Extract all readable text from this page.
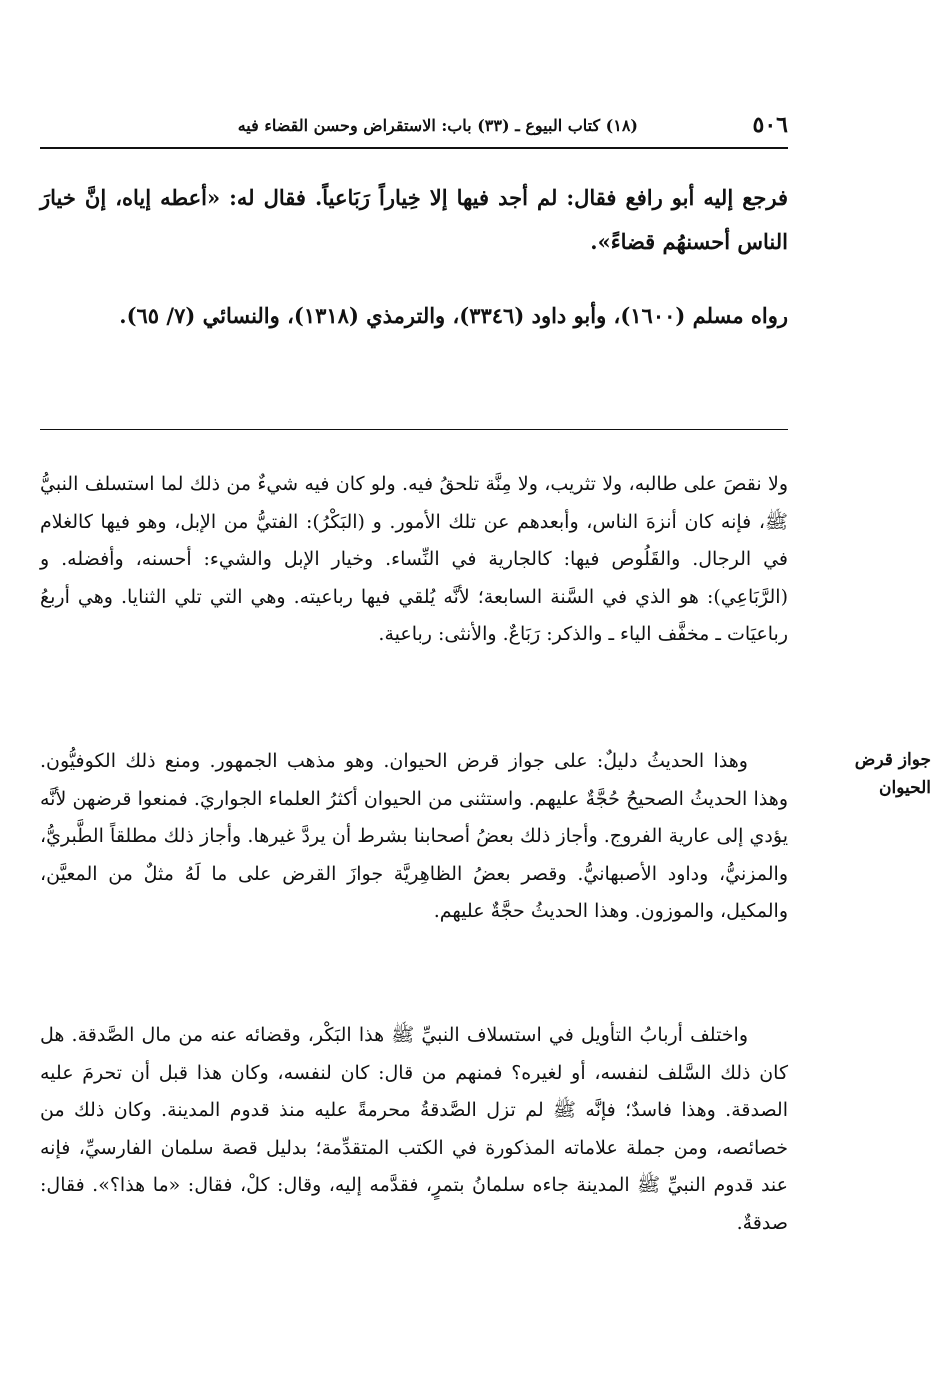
٥٠٦
(١٨) كتاب البيوع ـ (٣٣) باب: الاستقراض وحسن القضاء فيه
فرجع إليه أبو رافع فقال: لم أجد فيها إلا خِياراً رَبَاعياً. فقال له: «أعطه إياه، إنَّ خيارَ الناس أحسنهُم قضاءً».
رواه مسلم (١٦٠٠)، وأبو داود (٣٣٤٦)، والترمذي (١٣١٨)، والنسائي (٧/ ٦٥).
ولا نقصَ على طالبه، ولا تثريب، ولا مِنَّة تلحقُ فيه. ولو كان فيه شيءٌ من ذلك لما استسلف النبيُّ ﷺ، فإنه كان أنزهَ الناس، وأبعدهم عن تلك الأمور. و (البَكْرُ): الفتيُّ من الإبل، وهو فيها كالغلام في الرجال. والقَلُوص فيها: كالجارية في النِّساء. وخيار الإبل والشيء: أحسنه، وأفضله. و (الرَّبَاعِي): هو الذي في السَّنة السابعة؛ لأنَّه يُلقي فيها رباعيته. وهي التي تلي الثنايا. وهي أربعُ رباعيَات ـ مخفَّف الياء ـ والذكر: رَبَاعٌ. والأنثى: رباعية.
جواز قرض الحيوان
وهذا الحديثُ دليلٌ: على جواز قرض الحيوان. وهو مذهب الجمهور. ومنع ذلك الكوفيُّون. وهذا الحديثُ الصحيحُ حُجَّةٌ عليهم. واستثنى من الحيوان أكثرُ العلماء الجواريَ. فمنعوا قرضهن لأنَّه يؤدي إلى عارية الفروج. وأجاز ذلك بعضُ أصحابنا بشرط أن يردَّ غيرها. وأجاز ذلك مطلقاً الطَّبريُّ، والمزنيُّ، وداود الأصبهانيُّ. وقصر بعضُ الظاهِريَّة جوازَ القرض على ما لَهُ مثلٌ من المعيَّن، والمكيل، والموزون. وهذا الحديثُ حجَّةٌ عليهم.
واختلف أربابُ التأويل في استسلاف النبيِّ ﷺ هذا البَكْر، وقضائه عنه من مال الصَّدقة. هل كان ذلك السَّلف لنفسه، أو لغيره؟ فمنهم من قال: كان لنفسه، وكان هذا قبل أن تحرمَ عليه الصدقة. وهذا فاسدٌ؛ فإنَّه ﷺ لم تزل الصَّدقةُ محرمةً عليه منذ قدوم المدينة. وكان ذلك من خصائصه، ومن جملة علاماته المذكورة في الكتب المتقدِّمة؛ بدليل قصة سلمان الفارسيِّ، فإنه عند قدوم النبيِّ ﷺ المدينة جاءه سلمانُ بتمرٍ، فقدَّمه إليه، وقال: كلْ، فقال: «ما هذا؟». فقال: صدقةٌ.
